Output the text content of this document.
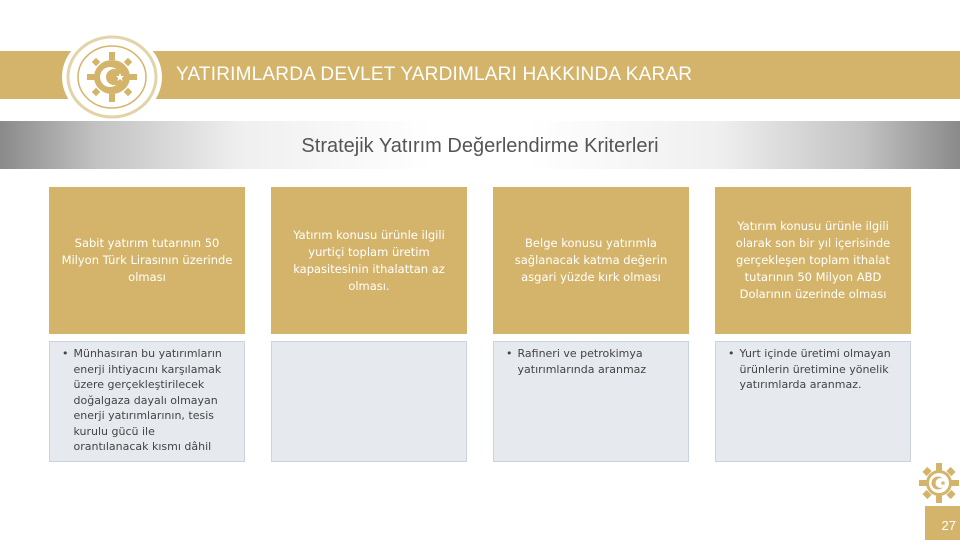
YATIRIMLARDA DEVLET YARDIMLARI HAKKINDA KARAR
Stratejik Yatırım Değerlendirme Kriterleri
Sabit yatırım tutarının 50 Milyon Türk Lirasının üzerinde olması
Yatırım konusu ürünle ilgili yurtiçi toplam üretim kapasitesinin ithalattan az olması.
Belge konusu yatırımla sağlanacak katma değerin asgari yüzde kırk olması
Yatırım konusu ürünle ilgili olarak son bir yıl içerisinde gerçekleşen toplam ithalat tutarının 50 Milyon ABD Dolarının üzerinde olması
• Münhasıran bu yatırımların enerji ihtiyacını karşılamak üzere gerçekleştirilecek doğalgaza dayalı olmayan enerji yatırımlarının, tesis kurulu gücü ile orantılanacak kısmı dâhil
• Rafineri ve petrokimya yatırımlarında aranmaz
• Yurt içinde üretimi olmayan ürünlerin üretimine yönelik yatırımlarda aranmaz.
27
